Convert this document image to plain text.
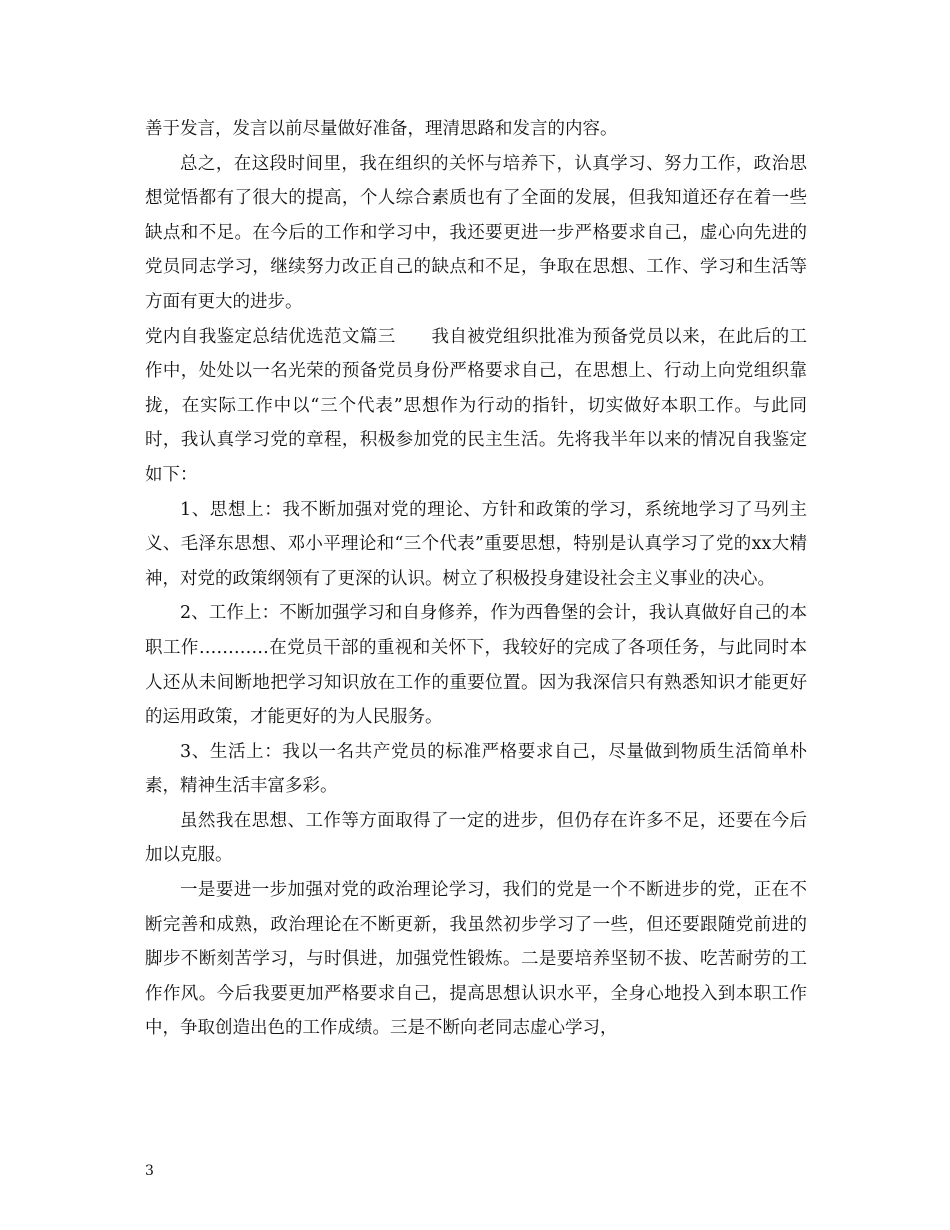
善于发言，发言以前尽量做好准备，理清思路和发言的内容。

总之，在这段时间里，我在组织的关怀与培养下，认真学习、努力工作，政治思想觉悟都有了很大的提高，个人综合素质也有了全面的发展，但我知道还存在着一些缺点和不足。在今后的工作和学习中，我还要更进一步严格要求自己，虚心向先进的党员同志学习，继续努力改正自己的缺点和不足，争取在思想、工作、学习和生活等方面有更大的进步。

党内自我鉴定总结优选范文篇三　　我自被党组织批准为预备党员以来，在此后的工作中，处处以一名光荣的预备党员身份严格要求自己，在思想上、行动上向党组织靠拢，在实际工作中以“三个代表”思想作为行动的指针，切实做好本职工作。与此同时，我认真学习党的章程，积极参加党的民主生活。先将我半年以来的情况自我鉴定如下：

1、思想上：我不断加强对党的理论、方针和政策的学习，系统地学习了马列主义、毛泽东思想、邓小平理论和“三个代表”重要思想，特别是认真学习了党的xx大精神，对党的政策纲领有了更深的认识。树立了积极投身建设社会主义事业的决心。

2、工作上：不断加强学习和自身修养，作为西鲁堡的会计，我认真做好自己的本职工作…………在党员干部的重视和关怀下，我较好的完成了各项任务，与此同时本人还从未间断地把学习知识放在工作的重要位置。因为我深信只有熟悉知识才能更好的运用政策，才能更好的为人民服务。

3、生活上：我以一名共产党员的标准严格要求自己，尽量做到物质生活简单朴素，精神生活丰富多彩。

虽然我在思想、工作等方面取得了一定的进步，但仍存在许多不足，还要在今后加以克服。

一是要进一步加强对党的政治理论学习，我们的党是一个不断进步的党，正在不断完善和成熟，政治理论在不断更新，我虽然初步学习了一些，但还要跟随党前进的脚步不断刻苦学习，与时俱进，加强党性锻炼。二是要培养坚韧不拔、吃苦耐劳的工作作风。今后我要更加严格要求自己，提高思想认识水平，全身心地投入到本职工作中，争取创造出色的工作成绩。三是不断向老同志虚心学习，

3
